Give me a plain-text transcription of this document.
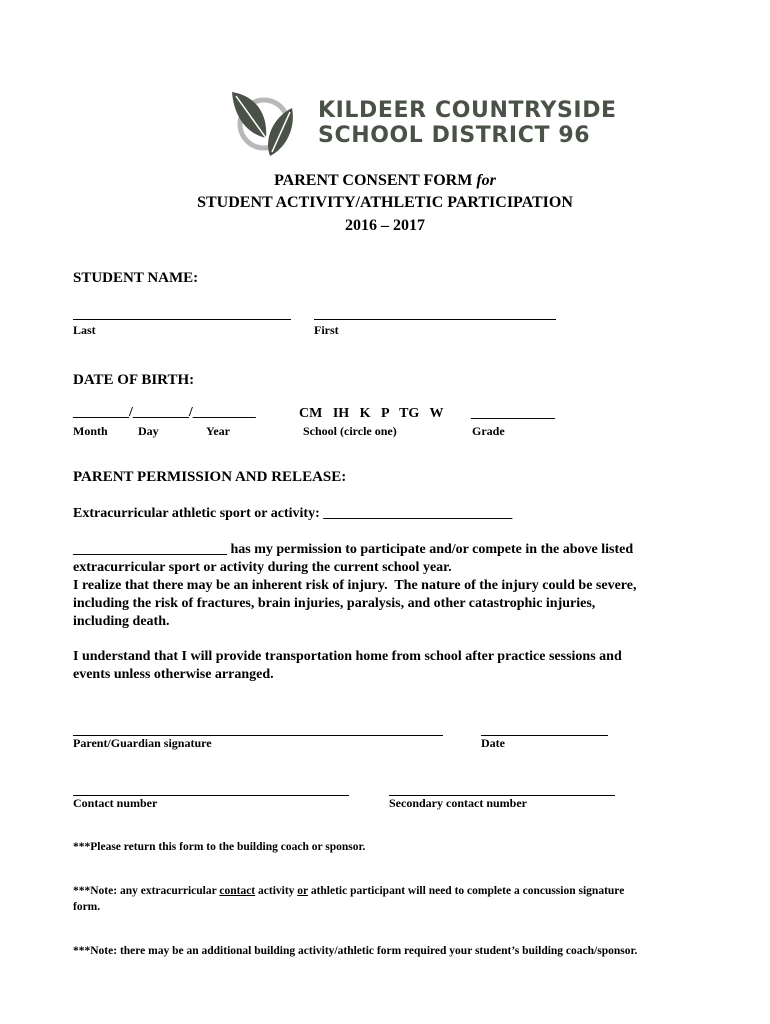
KILDEER COUNTRYSIDE
SCHOOL DISTRICT 96
PARENT CONSENT FORM for
STUDENT ACTIVITY/ATHLETIC PARTICIPATION
2016 – 2017
STUDENT NAME:
Last	First
DATE OF BIRTH:
________/________/_________
Month	Day	Year
CM   IH   K   P   TG   W
School (circle one)
____________
Grade
PARENT PERMISSION AND RELEASE:
Extracurricular athletic sport or activity: ___________________________
______________________ has my permission to participate and/or compete in the above listed
extracurricular sport or activity during the current school year.
I realize that there may be an inherent risk of injury.  The nature of the injury could be severe,
including the risk of fractures, brain injuries, paralysis, and other catastrophic injuries,
including death.
I understand that I will provide transportation home from school after practice sessions and
events unless otherwise arranged.
Parent/Guardian signature	Date
Contact number	Secondary contact number
***Please return this form to the building coach or sponsor.
***Note: any extracurricular contact activity or athletic participant will need to complete a concussion signature
form.
***Note: there may be an additional building activity/athletic form required your student’s building coach/sponsor.
